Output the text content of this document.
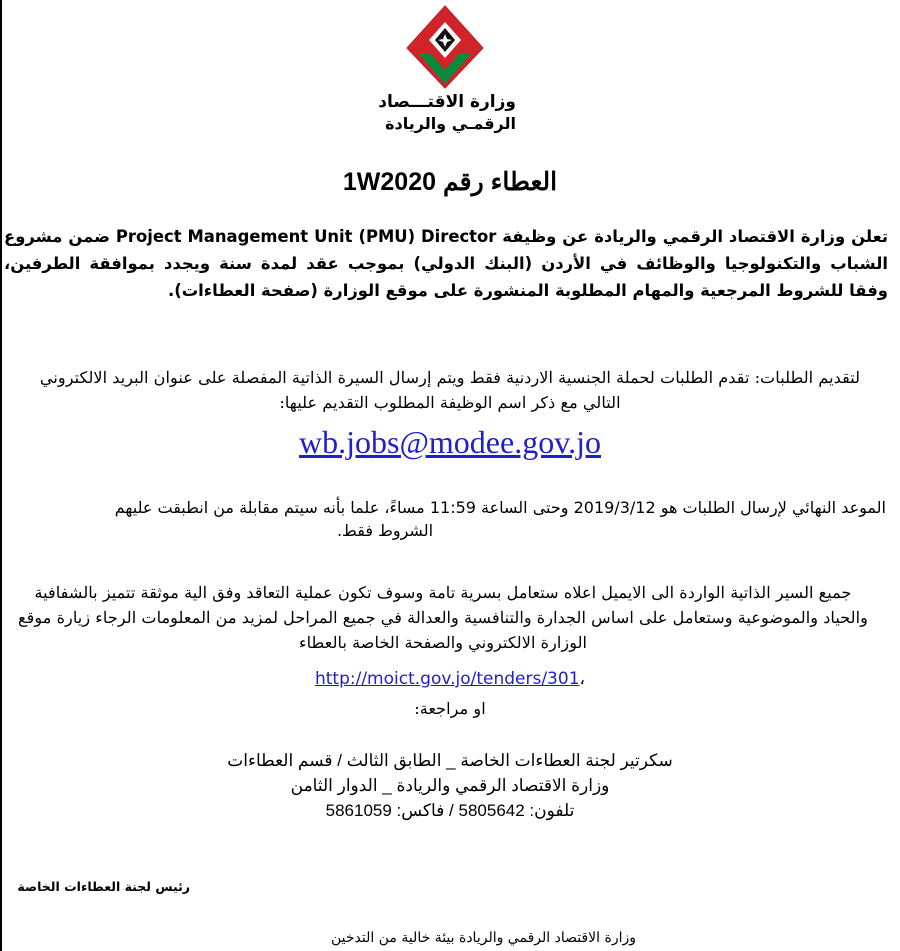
وزارة الاقتـــصاد
الرقمـي والريادة
العطاء رقم 1W2020
تعلن وزارة الاقتصاد الرقمي والريادة عن وظيفة Project Management Unit (PMU) Director ضمن مشروع الشباب والتكنولوجيا والوظائف في الأردن (البنك الدولي) بموجب عقد لمدة سنة ويجدد بموافقة الطرفين، وفقا للشروط المرجعية والمهام المطلوبة المنشورة على موقع الوزارة (صفحة العطاءات).
لتقديم الطلبات: تقدم الطلبات لحملة الجنسية الاردنية فقط ويتم إرسال السيرة الذاتية المفصلة على عنوان البريد الالكتروني التالي مع ذكر اسم الوظيفة المطلوب التقديم عليها:
wb.jobs@modee.gov.jo
الموعد النهائي لإرسال الطلبات هو 2019/3/12 وحتى الساعة 11:59 مساءً، علما بأنه سيتم مقابلة من انطبقت عليهم
الشروط فقط.
جميع السير الذاتية الواردة الى الايميل اعلاه ستعامل بسرية تامة وسوف تكون عملية التعاقد وفق الية موثقة تتميز بالشفافية والحياد والموضوعية وستعامل على اساس الجدارة والتنافسية والعدالة في جميع المراحل لمزيد من المعلومات الرجاء زيارة موقع الوزارة الالكتروني والصفحة الخاصة بالعطاء
http://moict.gov.jo/tenders/301،
او مراجعة:
سكرتير لجنة العطاءات الخاصة _ الطابق الثالث / قسم العطاءات
وزارة الاقتصاد الرقمي والريادة _ الدوار الثامن
تلفون: 5805642 / فاكس: 5861059
رئيس لجنة العطاءات الخاصة
وزارة الاقتصاد الرقمي والريادة بيئة خالية من التدخين
